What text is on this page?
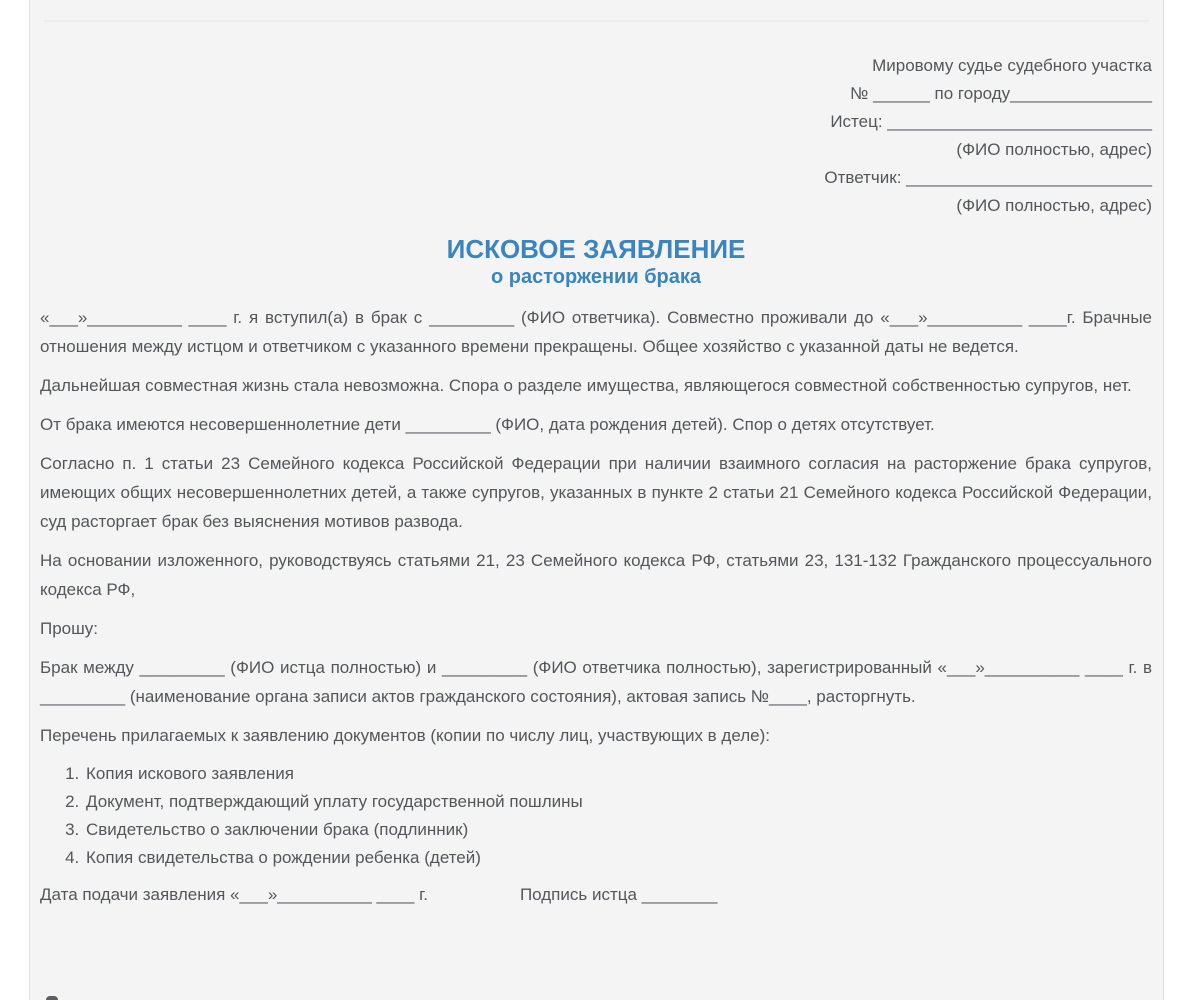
Мировому судье судебного участка
№ ______ по городу_______________
Истец: ____________________________
(ФИО полностью, адрес)
Ответчик: __________________________
(ФИО полностью, адрес)
ИСКОВОЕ ЗАЯВЛЕНИЕ
о расторжении брака

«___»__________ ____ г. я вступил(а) в брак с _________ (ФИО ответчика). Совместно проживали до «___»__________ ____г. Брачные отношения между истцом и ответчиком с указанного времени прекращены. Общее хозяйство с указанной даты не ведется.

Дальнейшая совместная жизнь стала невозможна. Спора о разделе имущества, являющегося совместной собственностью супругов, нет.

От брака имеются несовершеннолетние дети _________ (ФИО, дата рождения детей). Спор о детях отсутствует.

Согласно п. 1 статьи 23 Семейного кодекса Российской Федерации при наличии взаимного согласия на расторжение брака супругов, имеющих общих несовершеннолетних детей, а также супругов, указанных в пункте 2 статьи 21 Семейного кодекса Российской Федерации, суд расторгает брак без выяснения мотивов развода.

На основании изложенного, руководствуясь статьями 21, 23 Семейного кодекса РФ, статьями 23, 131-132 Гражданского процессуального кодекса РФ,

Прошу:

Брак между _________ (ФИО истца полностью) и _________ (ФИО ответчика полностью), зарегистрированный «___»__________ ____ г. в _________ (наименование органа записи актов гражданского состояния), актовая запись №____, расторгнуть.

Перечень прилагаемых к заявлению документов (копии по числу лиц, участвующих в деле):

1. Копия искового заявления
2. Документ, подтверждающий уплату государственной пошлины
3. Свидетельство о заключении брака (подлинник)
4. Копия свидетельства о рождении ребенка (детей)
Дата подачи заявления «___»__________ ____ г.	Подпись истца ________
